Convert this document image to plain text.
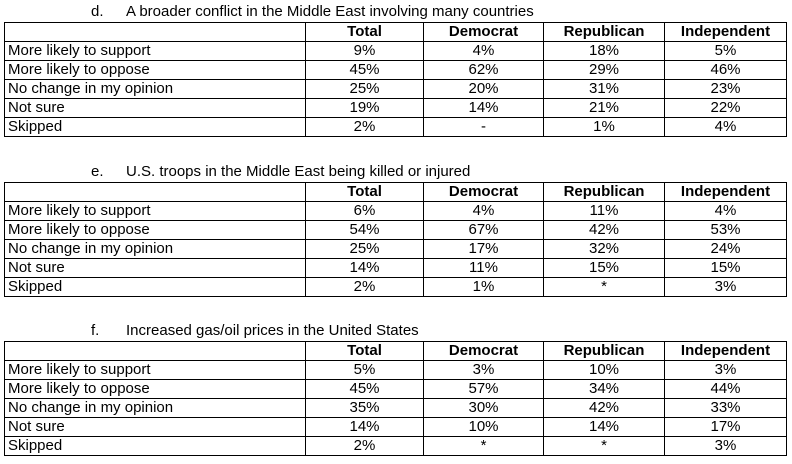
d. A broader conflict in the Middle East involving many countries
	Total	Democrat	Republican	Independent
More likely to support	9%	4%	18%	5%
More likely to oppose	45%	62%	29%	46%
No change in my opinion	25%	20%	31%	23%
Not sure	19%	14%	21%	22%
Skipped	2%	-	1%	4%
e. U.S. troops in the Middle East being killed or injured
	Total	Democrat	Republican	Independent
More likely to support	6%	4%	11%	4%
More likely to oppose	54%	67%	42%	53%
No change in my opinion	25%	17%	32%	24%
Not sure	14%	11%	15%	15%
Skipped	2%	1%	*	3%
f. Increased gas/oil prices in the United States
	Total	Democrat	Republican	Independent
More likely to support	5%	3%	10%	3%
More likely to oppose	45%	57%	34%	44%
No change in my opinion	35%	30%	42%	33%
Not sure	14%	10%	14%	17%
Skipped	2%	*	*	3%
